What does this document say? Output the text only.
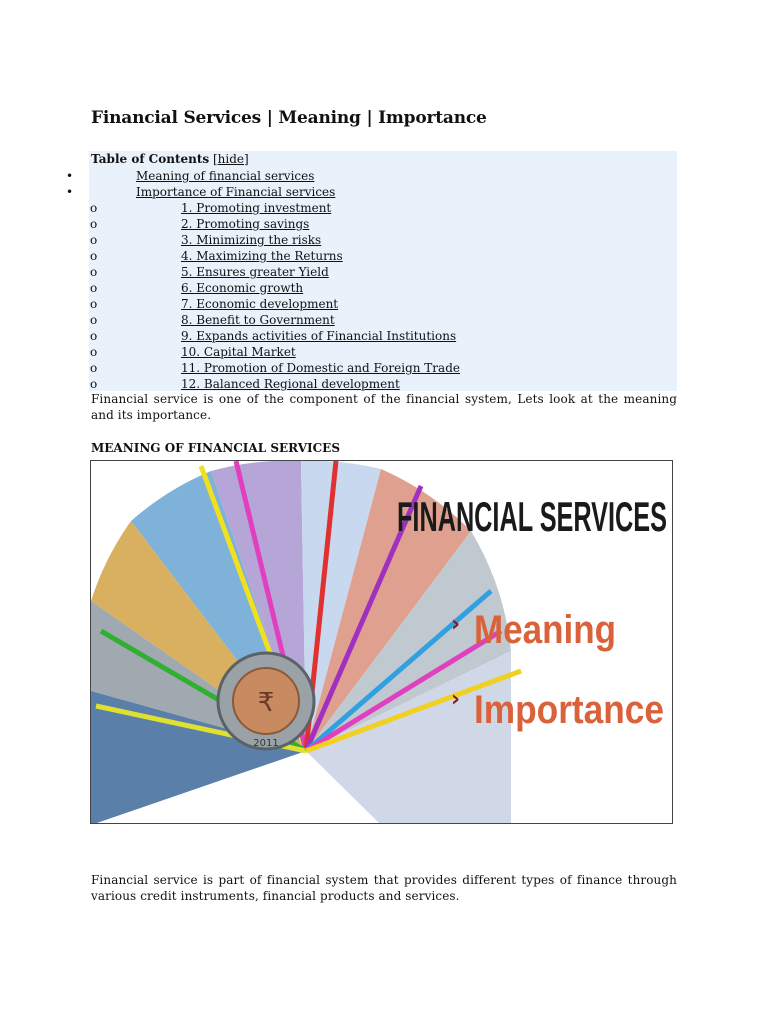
Financial Services | Meaning | Importance
Table of Contents [hide]
•	Meaning of financial services
•	Importance of Financial services
o	1. Promoting investment
o	2. Promoting savings
o	3. Minimizing the risks
o	4. Maximizing the Returns
o	5. Ensures greater Yield
o	6. Economic growth
o	7. Economic development
o	8. Benefit to Government
o	9. Expands activities of Financial Institutions
o	10. Capital Market
o	11. Promotion of Domestic and Foreign Trade
o	12. Balanced Regional development
Financial service is one of the component of the financial system, Lets look at the meaning and its importance.
MEANING OF FINANCIAL SERVICES
₹
2011
FINANCIAL SERVICES
› Meaning
› Importance
Financial service is part of financial system that provides different types of finance through various credit instruments, financial products and services.
